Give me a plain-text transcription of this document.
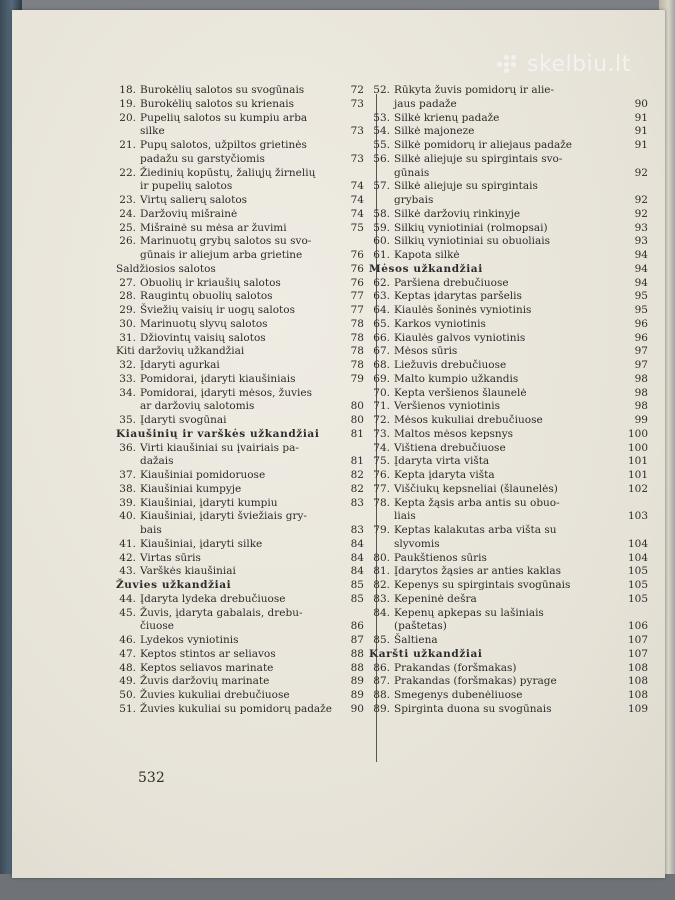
532
18. Burokėlių salotos su svogūnais	72
19. Burokėlių salotos su krienais	73
20. Pupelių salotos su kumpiu arba
silke	73
21. Pupų salotos, užpiltos grietinės
padažu su garstyčiomis	73
22. Žiedinių kopūstų, žaliųjų žirnelių
ir pupelių salotos	74
23. Virtų salierų salotos	74
24. Daržovių mišrainė	74
25. Mišrainė su mėsa ar žuvimi	75
26. Marinuotų grybų salotos su svo-
gūnais ir aliejum arba grietine	76
Saldžiosios salotos	76
27. Obuolių ir kriaušių salotos	76
28. Raugintų obuolių salotos	77
29. Šviežių vaisių ir uogų salotos	77
30. Marinuotų slyvų salotos	78
31. Džiovintų vaisių salotos	78
Kiti daržovių užkandžiai	78
32. Įdaryti agurkai	78
33. Pomidorai, įdaryti kiaušiniais	79
34. Pomidorai, įdaryti mėsos, žuvies
ar daržovių salotomis	80
35. Įdaryti svogūnai	80
Kiaušinių ir varškės užkandžiai	81
36. Virti kiaušiniai su įvairiais pa-
dažais	81
37. Kiaušiniai pomidoruose	82
38. Kiaušiniai kumpyje	82
39. Kiaušiniai, įdaryti kumpiu	83
40. Kiaušiniai, įdaryti šviežiais gry-
bais	83
41. Kiaušiniai, įdaryti silke	84
42. Virtas sūris	84
43. Varškės kiaušiniai	84
Žuvies užkandžiai	85
44. Įdaryta lydeka drebučiuose	85
45. Žuvis, įdaryta gabalais, drebu-
čiuose	86
46. Lydekos vyniotinis	87
47. Keptos stintos ar seliavos	88
48. Keptos seliavos marinate	88
49. Žuvis daržovių marinate	89
50. Žuvies kukuliai drebučiuose	89
51. Žuvies kukuliai su pomidorų padaže	90
52. Rūkyta žuvis pomidorų ir alie-
jaus padaže	90
53. Silkė krienų padaže	91
54. Silkė majoneze	91
55. Silkė pomidorų ir aliejaus padaže	91
56. Silkė aliejuje su spirgintais svo-
gūnais	92
57. Silkė aliejuje su spirgintais
grybais	92
58. Silkė daržovių rinkinyje	92
59. Silkių vyniotiniai (rolmopsai)	93
60. Silkių vyniotiniai su obuoliais	93
61. Kapota silkė	94
Mėsos užkandžiai	94
62. Paršiena drebučiuose	94
63. Keptas įdarytas paršelis	95
64. Kiaulės šoninės vyniotinis	95
65. Karkos vyniotinis	96
66. Kiaulės galvos vyniotinis	96
67. Mėsos sūris	97
68. Liežuvis drebučiuose	97
69. Malto kumpio užkandis	98
70. Kepta veršienos šlaunelė	98
71. Veršienos vyniotinis	98
72. Mėsos kukuliai drebučiuose	99
73. Maltos mėsos kepsnys	100
74. Vištiena drebučiuose	100
75. Įdaryta virta višta	101
76. Kepta įdaryta višta	101
77. Viščiukų kepsneliai (šlaunelės)	102
78. Kepta žąsis arba antis su obuo-
liais	103
79. Keptas kalakutas arba višta su
slyvomis	104
80. Paukštienos sūris	104
81. Įdarytos žąsies ar anties kaklas	105
82. Kepenys su spirgintais svogūnais	105
83. Kepeninė dešra	105
84. Kepenų apkepas su lašiniais
(paštetas)	106
85. Šaltiena	107
Karšti užkandžiai	107
86. Prakandas (foršmakas)	108
87. Prakandas (foršmakas) pyrage	108
88. Smegenys dubenėliuose	108
89. Spirginta duona su svogūnais	109
skelbiu.lt
